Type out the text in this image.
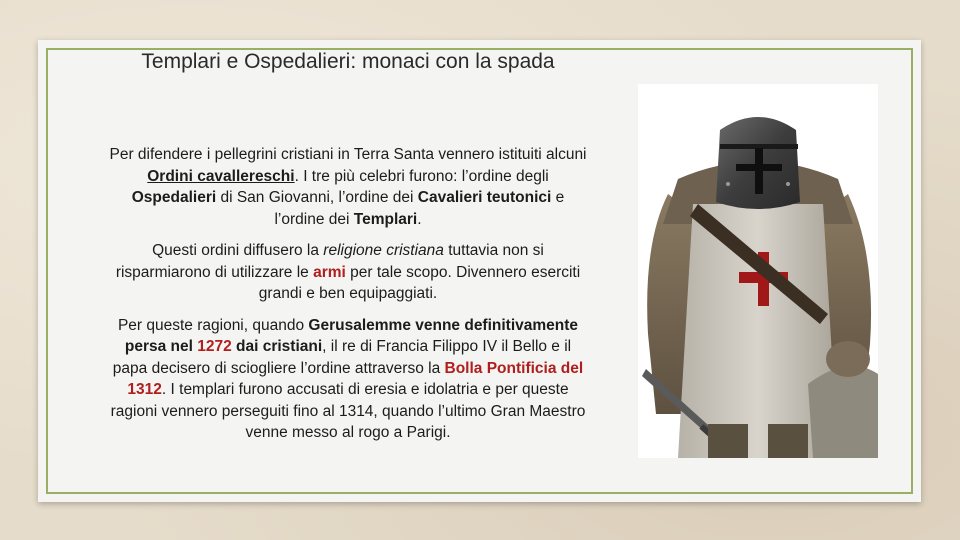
Templari e Ospedalieri: monaci con la spada

Per difendere i pellegrini cristiani in Terra Santa vennero istituiti alcuni Ordini cavallereschi. I tre più celebri furono: l’ordine degli Ospedalieri di San Giovanni, l’ordine dei Cavalieri teutonici e l’ordine dei Templari.

Questi ordini diffusero la religione cristiana tuttavia non si risparmiarono di utilizzare le armi per tale scopo. Divennero eserciti grandi e ben equipaggiati.

Per queste ragioni, quando Gerusalemme venne definitivamente persa nel 1272 dai cristiani, il re di Francia Filippo IV il Bello e il papa decisero di sciogliere l’ordine attraverso la Bolla Pontificia del 1312. I templari furono accusati di eresia e idolatria e per queste ragioni vennero perseguiti fino al 1314, quando l’ultimo Gran Maestro venne messo al rogo a Parigi.
